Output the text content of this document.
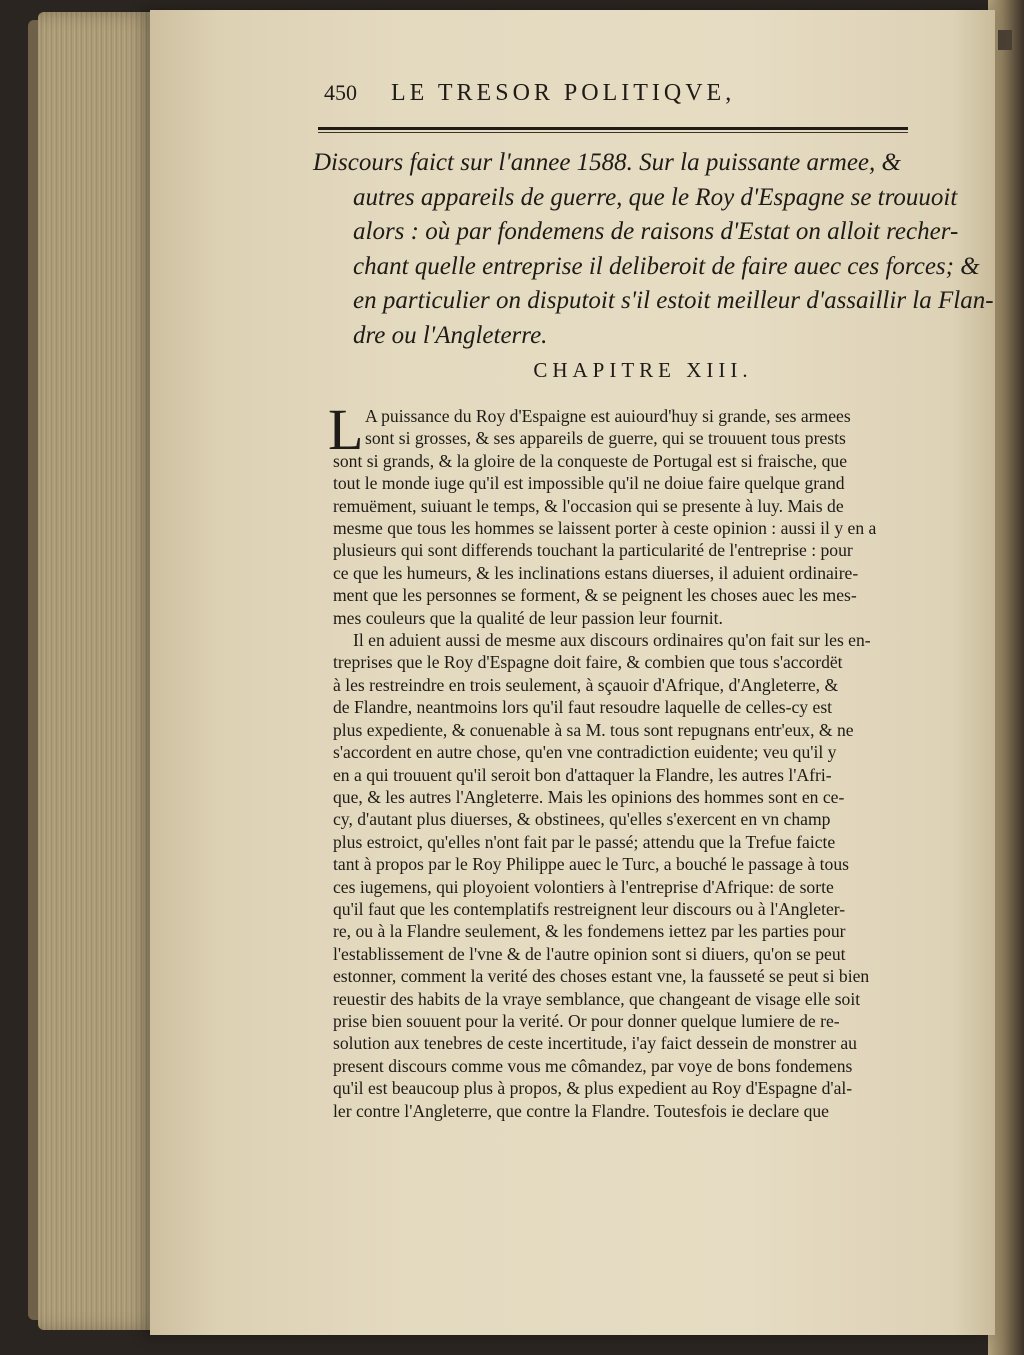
450 LE TRESOR POLITIQVE,
Discours faict sur l'annee 1588. Sur la puissante armee, &
autres appareils de guerre, que le Roy d'Espagne se trouuoit
alors : où par fondemens de raisons d'Estat on alloit recher-
chant quelle entreprise il deliberoit de faire auec ces forces; &
en particulier on disputoit s'il estoit meilleur d'assaillir la Flan-
dre ou l'Angleterre.
CHAPITRE XIII.
L A puissance du Roy d'Espaigne est auiourd'huy si grande, ses armees
sont si grosses, & ses appareils de guerre, qui se trouuent tous prests
sont si grands, & la gloire de la conqueste de Portugal est si fraische, que
tout le monde iuge qu'il est impossible qu'il ne doiue faire quelque grand
remuëment, suiuant le temps, & l'occasion qui se presente à luy. Mais de
mesme que tous les hommes se laissent porter à ceste opinion : aussi il y en a
plusieurs qui sont differends touchant la particularité de l'entreprise : pour
ce que les humeurs, & les inclinations estans diuerses, il aduient ordinaire-
ment que les personnes se forment, & se peignent les choses auec les mes-
mes couleurs que la qualité de leur passion leur fournit.
Il en aduient aussi de mesme aux discours ordinaires qu'on fait sur les en-
treprises que le Roy d'Espagne doit faire, & combien que tous s'accordët
à les restreindre en trois seulement, à sçauoir d'Afrique, d'Angleterre, &
de Flandre, neantmoins lors qu'il faut resoudre laquelle de celles-cy est
plus expediente, & conuenable à sa M. tous sont repugnans entr'eux, & ne
s'accordent en autre chose, qu'en vne contradiction euidente; veu qu'il y
en a qui trouuent qu'il seroit bon d'attaquer la Flandre, les autres l'Afri-
que, & les autres l'Angleterre. Mais les opinions des hommes sont en ce-
cy, d'autant plus diuerses, & obstinees, qu'elles s'exercent en vn champ
plus estroict, qu'elles n'ont fait par le passé; attendu que la Trefue faicte
tant à propos par le Roy Philippe auec le Turc, a bouché le passage à tous
ces iugemens, qui ployoient volontiers à l'entreprise d'Afrique: de sorte
qu'il faut que les contemplatifs restreignent leur discours ou à l'Angleter-
re, ou à la Flandre seulement, & les fondemens iettez par les parties pour
l'establissement de l'vne & de l'autre opinion sont si diuers, qu'on se peut
estonner, comment la verité des choses estant vne, la fausseté se peut si bien
reuestir des habits de la vraye semblance, que changeant de visage elle soit
prise bien souuent pour la verité. Or pour donner quelque lumiere de re-
solution aux tenebres de ceste incertitude, i'ay faict dessein de monstrer au
present discours comme vous me cômandez, par voye de bons fondemens
qu'il est beaucoup plus à propos, & plus expedient au Roy d'Espagne d'al-
ler contre l'Angleterre, que contre la Flandre. Toutesfois ie declare que
